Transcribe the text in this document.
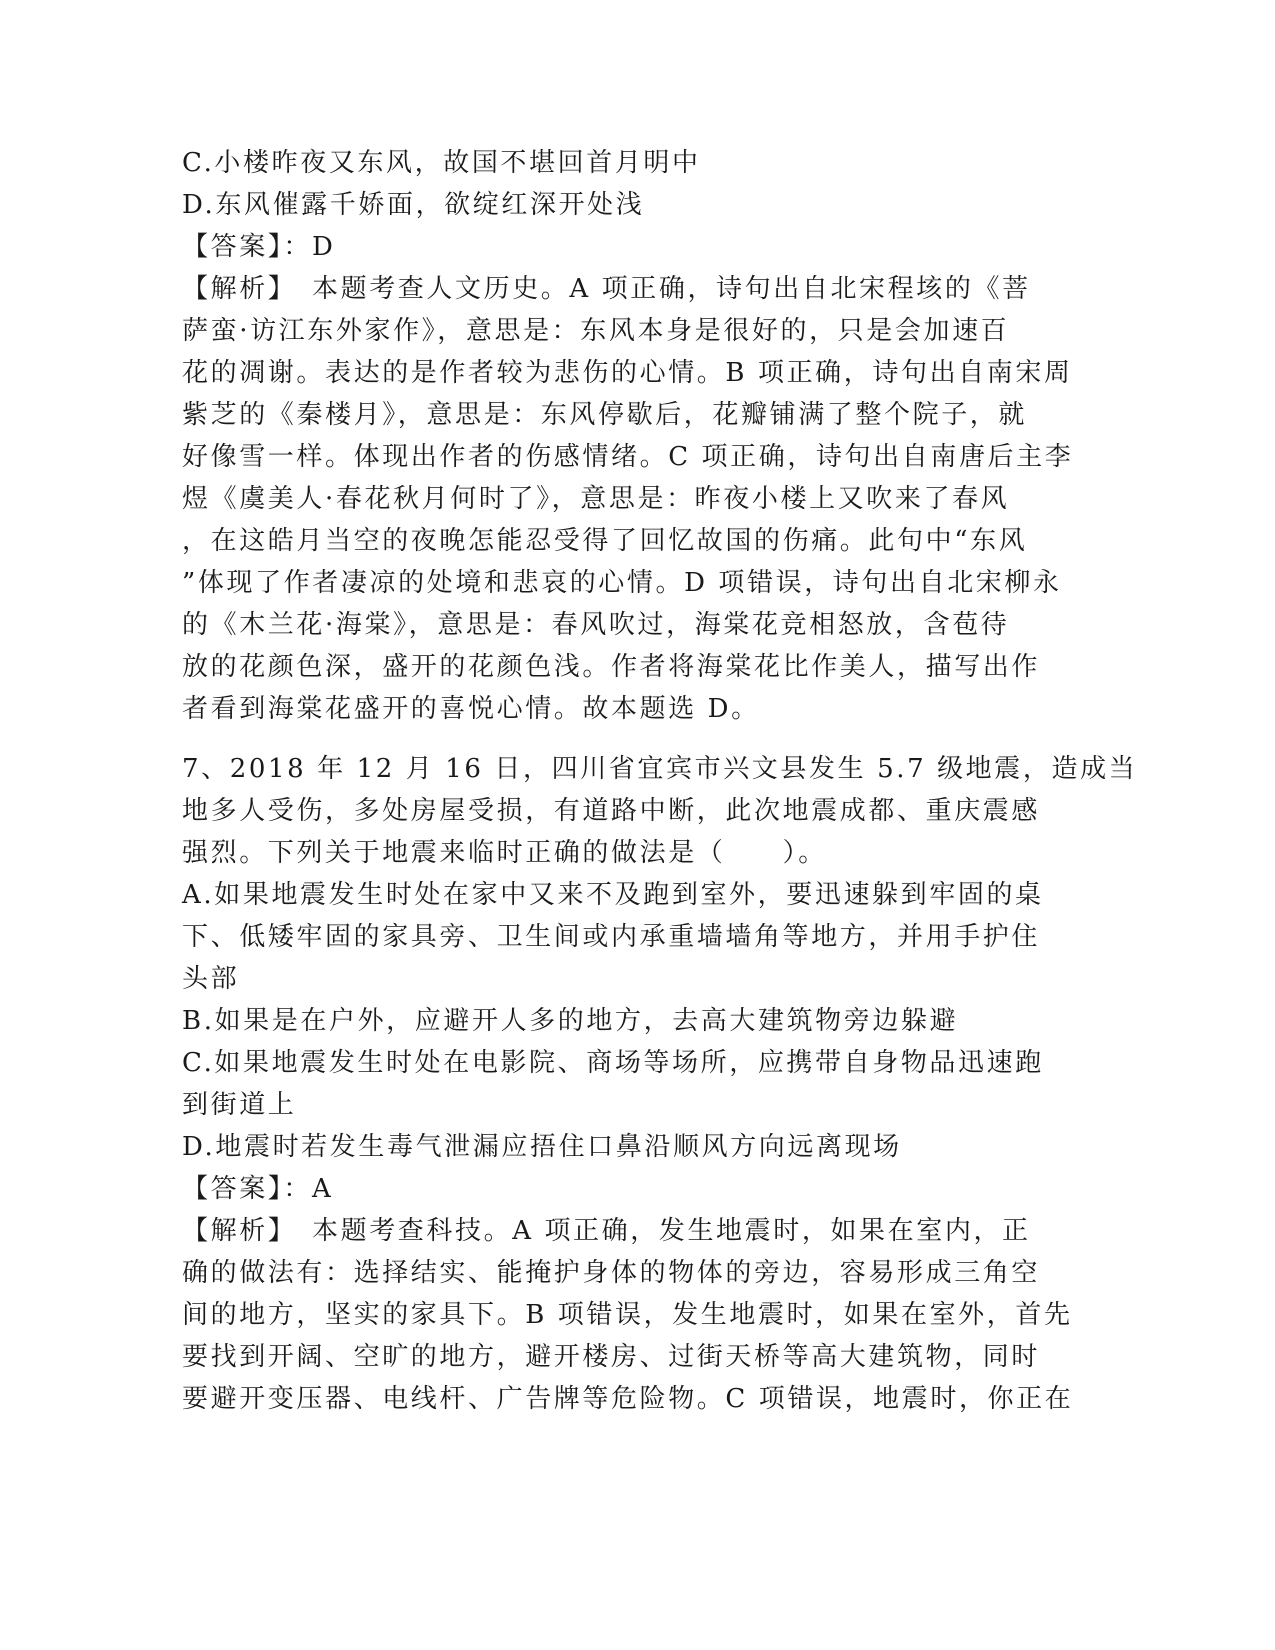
C.小楼昨夜又东风，故国不堪回首月明中
D.东风催露千娇面，欲绽红深开处浅
【答案】：D
【解析】　本题考查人文历史。A 项正确，诗句出自北宋程垓的《菩
萨蛮·访江东外家作》，意思是：东风本身是很好的，只是会加速百
花的凋谢。表达的是作者较为悲伤的心情。B 项正确，诗句出自南宋周
紫芝的《秦楼月》，意思是：东风停歇后，花瓣铺满了整个院子，就
好像雪一样。体现出作者的伤感情绪。C 项正确，诗句出自南唐后主李
煜《虞美人·春花秋月何时了》，意思是：昨夜小楼上又吹来了春风
，在这皓月当空的夜晚怎能忍受得了回忆故国的伤痛。此句中“东风
”体现了作者凄凉的处境和悲哀的心情。D 项错误，诗句出自北宋柳永
的《木兰花·海棠》，意思是：春风吹过，海棠花竞相怒放，含苞待
放的花颜色深，盛开的花颜色浅。作者将海棠花比作美人，描写出作
者看到海棠花盛开的喜悦心情。故本题选 D。
7、2018 年 12 月 16 日，四川省宜宾市兴文县发生 5.7 级地震，造成当
地多人受伤，多处房屋受损，有道路中断，此次地震成都、重庆震感
强烈。下列关于地震来临时正确的做法是（　　）。
A.如果地震发生时处在家中又来不及跑到室外，要迅速躲到牢固的桌
下、低矮牢固的家具旁、卫生间或内承重墙墙角等地方，并用手护住
头部
B.如果是在户外，应避开人多的地方，去高大建筑物旁边躲避
C.如果地震发生时处在电影院、商场等场所，应携带自身物品迅速跑
到街道上
D.地震时若发生毒气泄漏应捂住口鼻沿顺风方向远离现场
【答案】：A
【解析】　本题考查科技。A 项正确，发生地震时，如果在室内，正
确的做法有：选择结实、能掩护身体的物体的旁边，容易形成三角空
间的地方，坚实的家具下。B 项错误，发生地震时，如果在室外，首先
要找到开阔、空旷的地方，避开楼房、过街天桥等高大建筑物，同时
要避开变压器、电线杆、广告牌等危险物。C 项错误，地震时，你正在
